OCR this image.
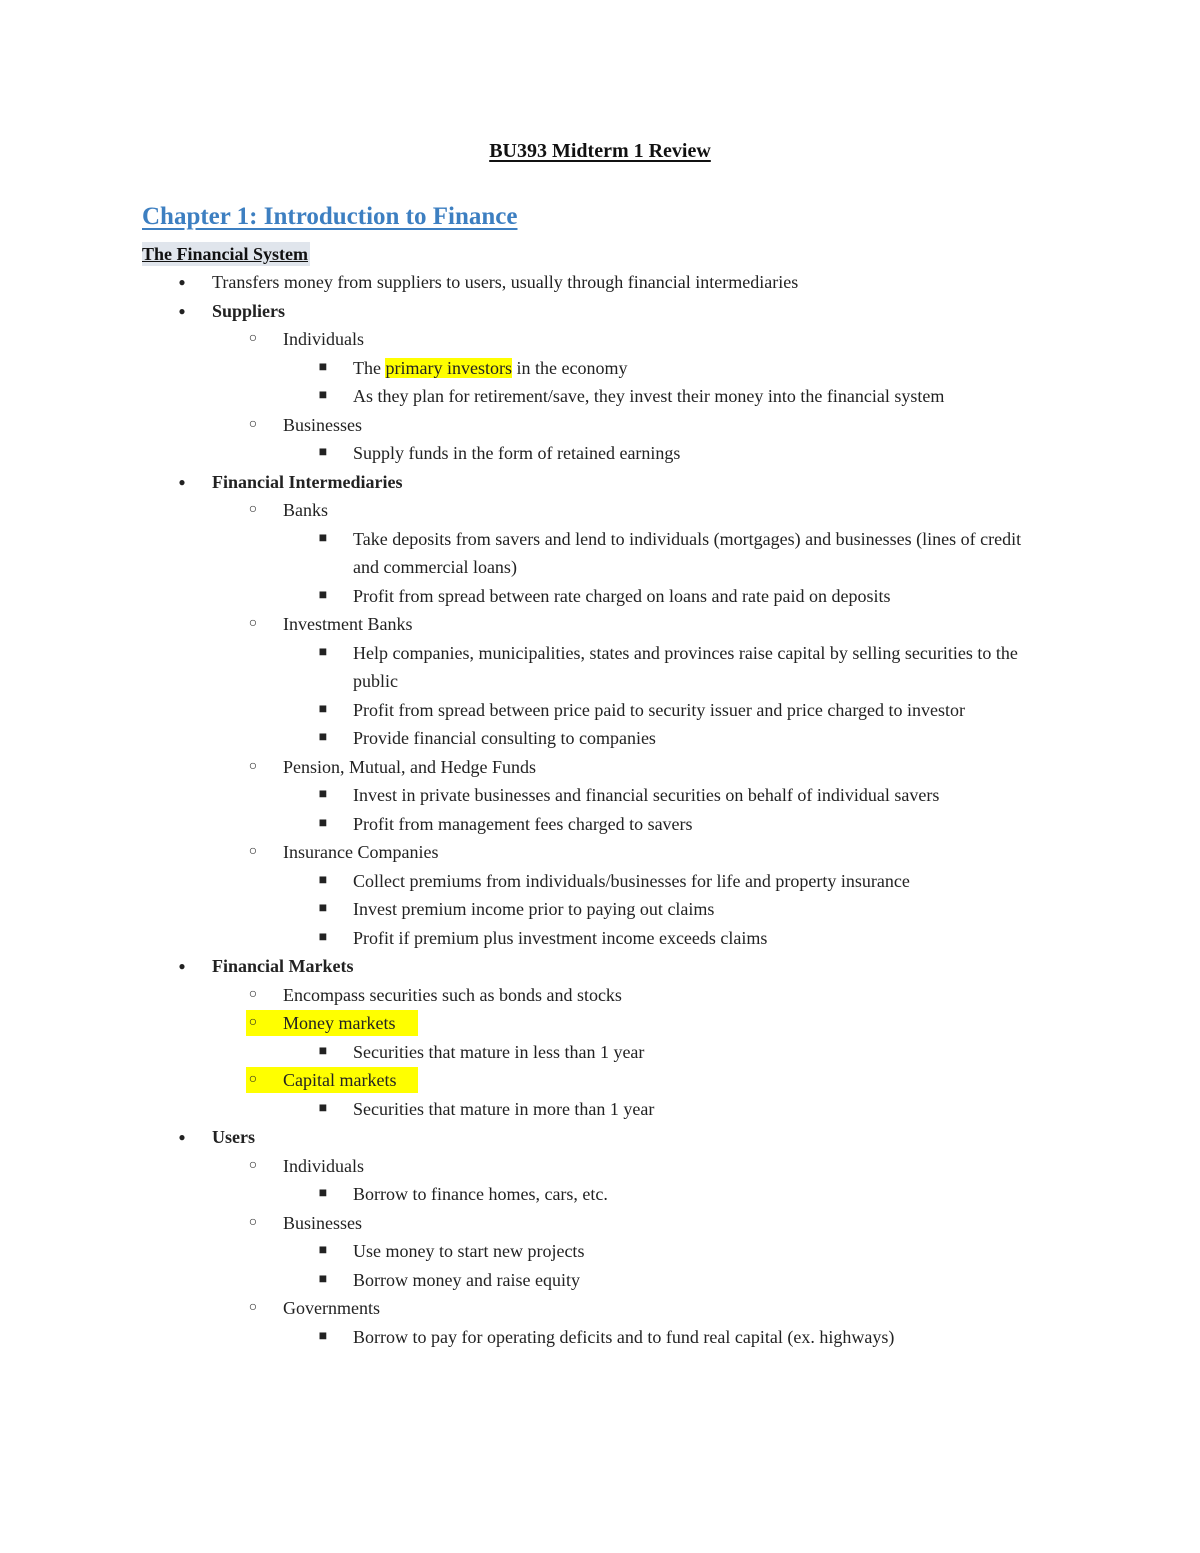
BU393 Midterm 1 Review
Chapter 1: Introduction to Finance
The Financial System
●	Transfers money from suppliers to users, usually through financial intermediaries
●	Suppliers
○	Individuals
■	The primary investors in the economy
■	As they plan for retirement/save, they invest their money into the financial system
○	Businesses
■	Supply funds in the form of retained earnings
●	Financial Intermediaries
○	Banks
■	Take deposits from savers and lend to individuals (mortgages) and businesses (lines of credit and commercial loans)
■	Profit from spread between rate charged on loans and rate paid on deposits
○	Investment Banks
■	Help companies, municipalities, states and provinces raise capital by selling securities to the public
■	Profit from spread between price paid to security issuer and price charged to investor
■	Provide financial consulting to companies
○	Pension, Mutual, and Hedge Funds
■	Invest in private businesses and financial securities on behalf of individual savers
■	Profit from management fees charged to savers
○	Insurance Companies
■	Collect premiums from individuals/businesses for life and property insurance
■	Invest premium income prior to paying out claims
■	Profit if premium plus investment income exceeds claims
●	Financial Markets
○	Encompass securities such as bonds and stocks
○	Money markets
■	Securities that mature in less than 1 year
○	Capital markets
■	Securities that mature in more than 1 year
●	Users
○	Individuals
■	Borrow to finance homes, cars, etc.
○	Businesses
■	Use money to start new projects
■	Borrow money and raise equity
○	Governments
■	Borrow to pay for operating deficits and to fund real capital (ex. highways)
